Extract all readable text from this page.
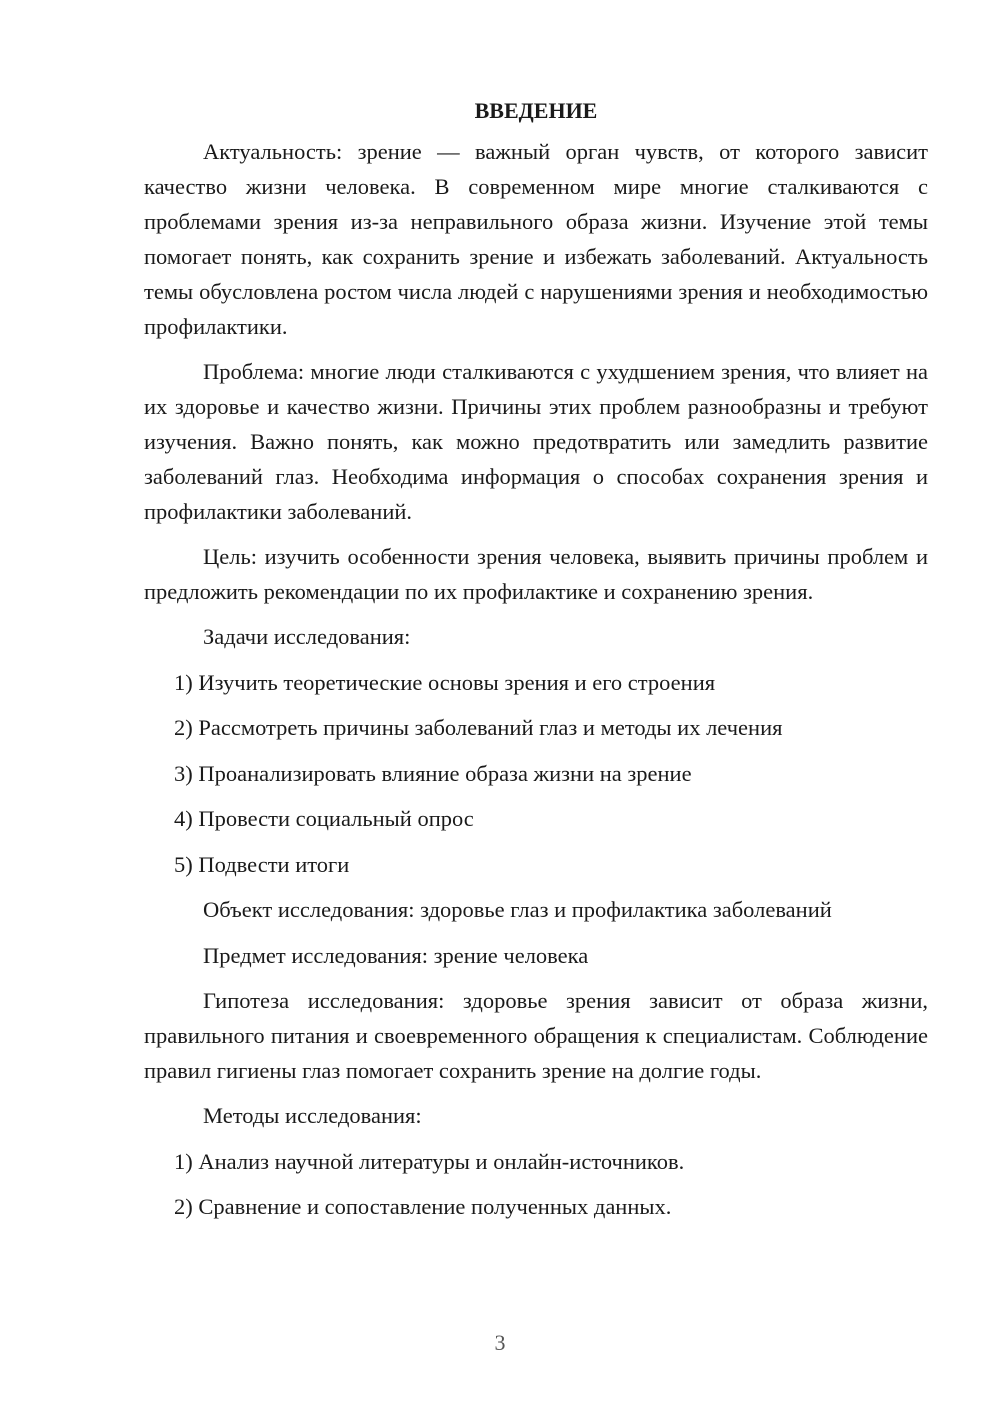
ВВЕДЕНИЕ

Актуальность: зрение — важный орган чувств, от которого зависит качество жизни человека. В современном мире многие сталкиваются с проблемами зрения из-за неправильного образа жизни. Изучение этой темы помогает понять, как сохранить зрение и избежать заболеваний. Актуальность темы обусловлена ростом числа людей с нарушениями зрения и необходимостью профилактики.

Проблема: многие люди сталкиваются с ухудшением зрения, что влияет на их здоровье и качество жизни. Причины этих проблем разнообразны и требуют изучения. Важно понять, как можно предотвратить или замедлить развитие заболеваний глаз. Необходима информация о способах сохранения зрения и профилактики заболеваний.

Цель: изучить особенности зрения человека, выявить причины проблем и предложить рекомендации по их профилактике и сохранению зрения.

Задачи исследования:
1) Изучить теоретические основы зрения и его строения
2) Рассмотреть причины заболеваний глаз и методы их лечения
3) Проанализировать влияние образа жизни на зрение
4) Провести социальный опрос
5) Подвести итоги
Объект исследования: здоровье глаз и профилактика заболеваний
Предмет исследования: зрение человека

Гипотеза исследования: здоровье зрения зависит от образа жизни, правильного питания и своевременного обращения к специалистам. Соблюдение правил гигиены глаз помогает сохранить зрение на долгие годы.

Методы исследования:
1) Анализ научной литературы и онлайн-источников.
2) Сравнение и сопоставление полученных данных.
3
